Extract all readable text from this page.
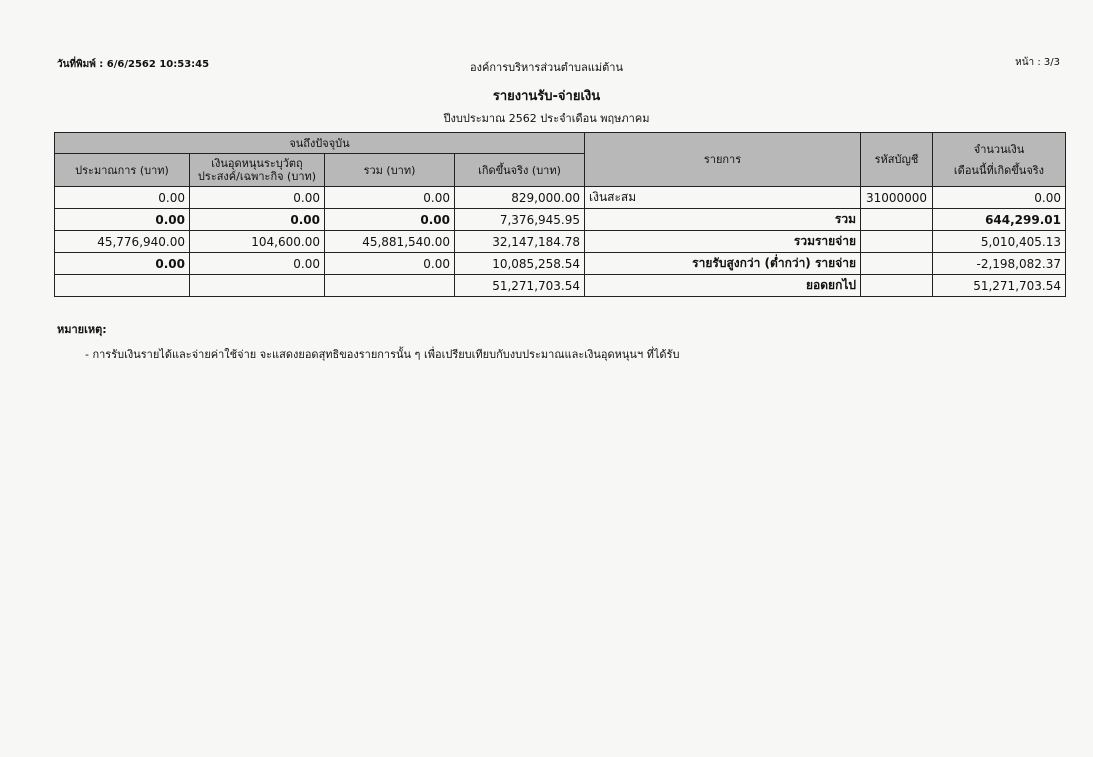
วันที่พิมพ์ : 6/6/2562 10:53:45	องค์การบริหารส่วนตำบลแม่ต้าน	หน้า : 3/3
รายงานรับ-จ่ายเงิน
ปีงบประมาณ 2562 ประจำเดือน พฤษภาคม
จนถึงปัจจุบัน				รายการ	รหัสบัญชี	จำนวนเงิน
เดือนนี้ที่เกิดขึ้นจริง

ประมาณการ (บาท)	เงินอุดหนุนระบุวัตถุ ประสงค์/เฉพาะกิจ (บาท)	รวม (บาท)	เกิดขึ้นจริง (บาท)			
0.00	0.00	0.00	829,000.00	เงินสะสม	31000000	0.00
0.00	0.00	0.00	7,376,945.95	รวม		644,299.01
45,776,940.00	104,600.00	45,881,540.00	32,147,184.78	รวมรายจ่าย		5,010,405.13
0.00	0.00	0.00	10,085,258.54	รายรับสูงกว่า (ต่ำกว่า) รายจ่าย		-2,198,082.37
			51,271,703.54	ยอดยกไป		51,271,703.54
หมายเหตุ:
- การรับเงินรายได้และจ่ายค่าใช้จ่าย จะแสดงยอดสุทธิของรายการนั้น ๆ เพื่อเปรียบเทียบกับงบประมาณและเงินอุดหนุนฯ ที่ได้รับ
